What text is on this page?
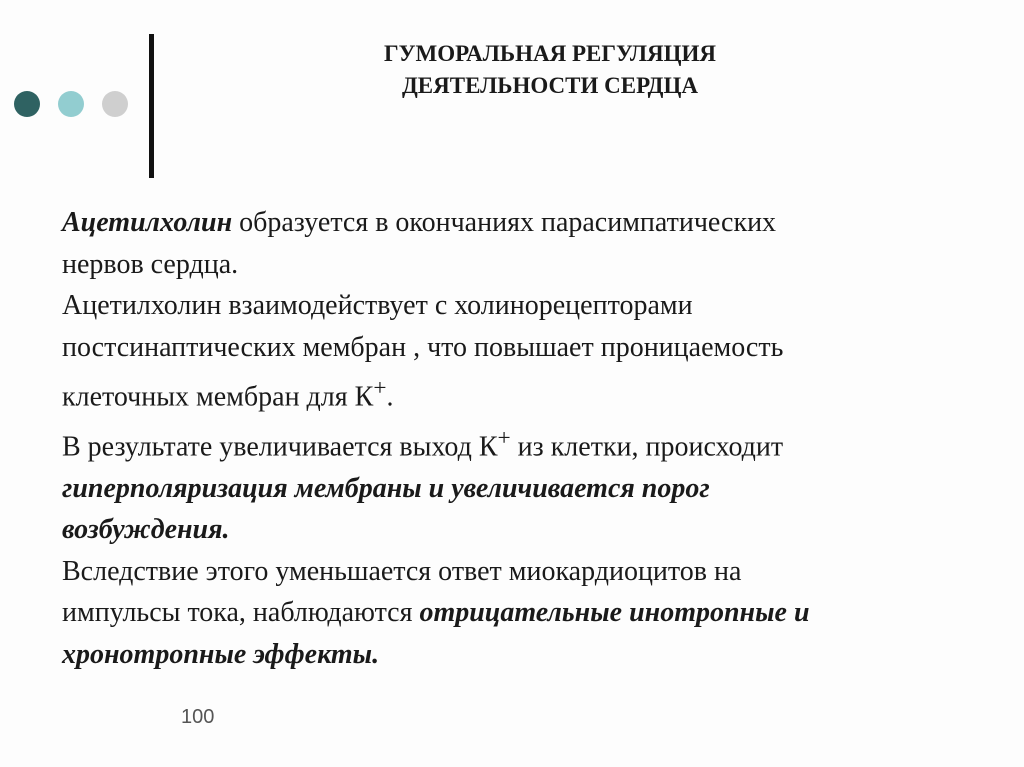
ГУМОРАЛЬНАЯ РЕГУЛЯЦИЯ
ДЕЯТЕЛЬНОСТИ СЕРДЦА
Ацетилхолин образуется в окончаниях парасимпатических
нервов сердца.
Ацетилхолин взаимодействует с холинорецепторами
постсинаптических мембран , что повышает проницаемость
клеточных мембран для К+.
В результате увеличивается выход К+ из клетки, происходит
гиперполяризация мембраны и увеличивается порог
возбуждения.
Вследствие этого уменьшается ответ миокардиоцитов на
импульсы тока, наблюдаются отрицательные инотропные и
хронотропные эффекты.
100
